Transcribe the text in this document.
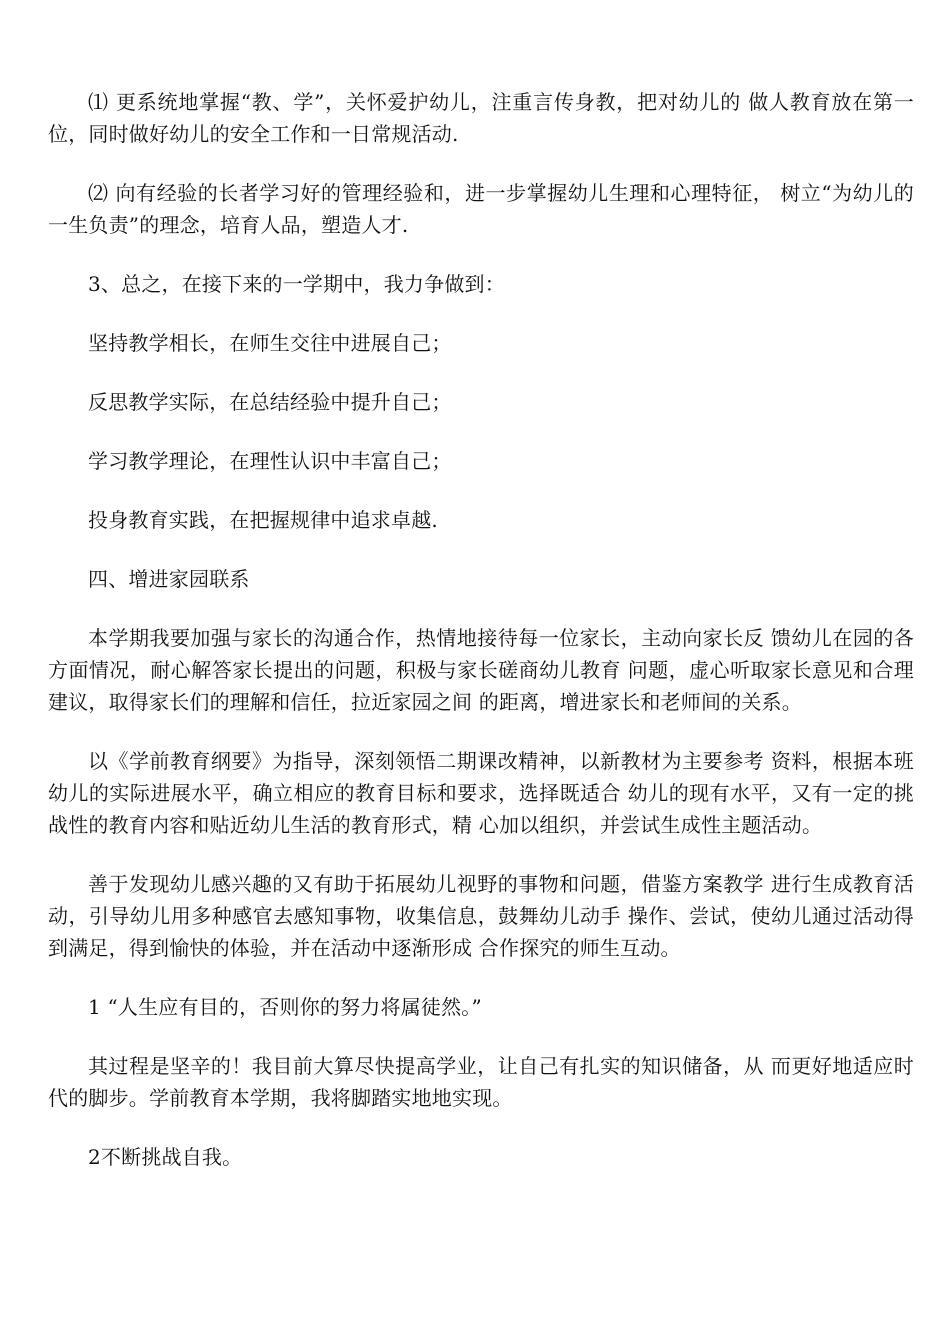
⑴ 更系统地掌握“教、学”，关怀爱护幼儿，注重言传身教，把对幼儿的 做人教育放在第一位，同时做好幼儿的安全工作和一日常规活动.

⑵ 向有经验的长者学习好的管理经验和，进一步掌握幼儿生理和心理特征， 树立“为幼儿的一生负责”的理念，培育人品，塑造人才.

3、总之，在接下来的一学期中，我力争做到：

坚持教学相长，在师生交往中进展自己；

反思教学实际，在总结经验中提升自己；

学习教学理论，在理性认识中丰富自己；

投身教育实践，在把握规律中追求卓越.

四、增进家园联系

本学期我要加强与家长的沟通合作，热情地接待每一位家长，主动向家长反 馈幼儿在园的各方面情况，耐心解答家长提出的问题，积极与家长磋商幼儿教育 问题，虚心听取家长意见和合理建议，取得家长们的理解和信任，拉近家园之间 的距离，增进家长和老师间的关系。

以《学前教育纲要》为指导，深刻领悟二期课改精神，以新教材为主要参考 资料，根据本班幼儿的实际进展水平，确立相应的教育目标和要求，选择既适合 幼儿的现有水平，又有一定的挑战性的教育内容和贴近幼儿生活的教育形式，精 心加以组织，并尝试生成性主题活动。

善于发现幼儿感兴趣的又有助于拓展幼儿视野的事物和问题，借鉴方案教学 进行生成教育活动，引导幼儿用多种感官去感知事物，收集信息，鼓舞幼儿动手 操作、尝试，使幼儿通过活动得到满足，得到愉快的体验，并在活动中逐渐形成 合作探究的师生互动。

1 “人生应有目的，否则你的努力将属徒然。”

其过程是坚辛的！我目前大算尽快提高学业，让自己有扎实的知识储备，从 而更好地适应时代的脚步。学前教育本学期，我将脚踏实地地实现。

2不断挑战自我。
